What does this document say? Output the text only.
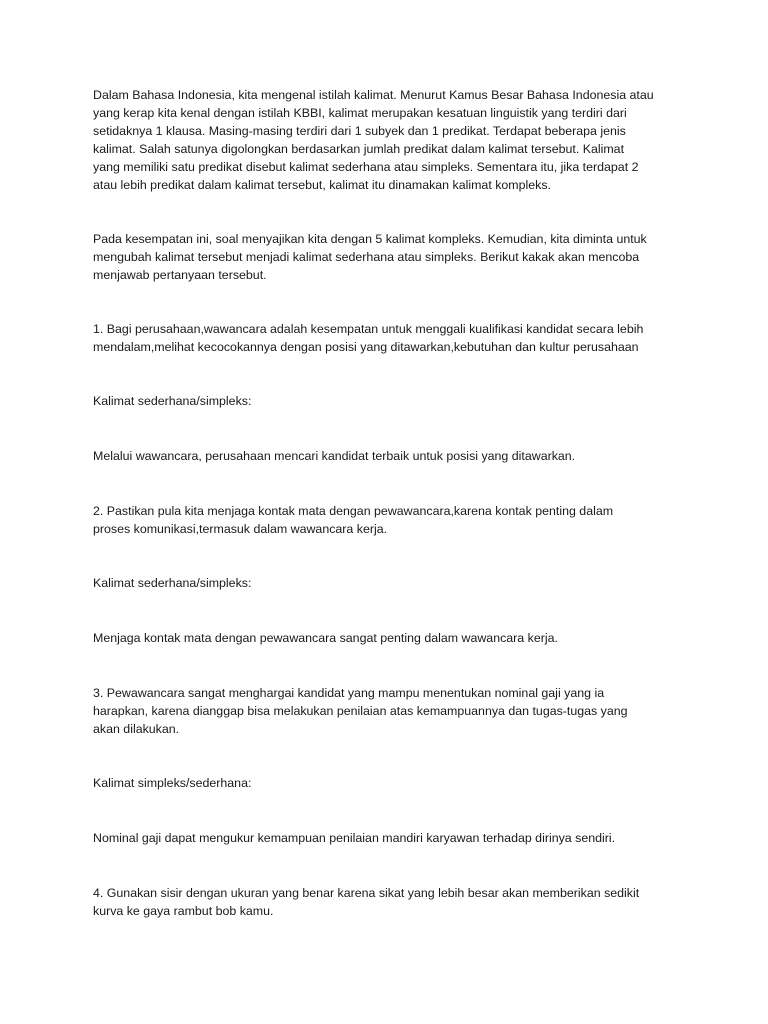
Dalam Bahasa Indonesia, kita mengenal istilah kalimat. Menurut Kamus Besar Bahasa Indonesia atau
yang kerap kita kenal dengan istilah KBBI, kalimat merupakan kesatuan linguistik yang terdiri dari
setidaknya 1 klausa. Masing-masing terdiri dari 1 subyek dan 1 predikat. Terdapat beberapa jenis
kalimat. Salah satunya digolongkan berdasarkan jumlah predikat dalam kalimat tersebut. Kalimat
yang memiliki satu predikat disebut kalimat sederhana atau simpleks. Sementara itu, jika terdapat 2
atau lebih predikat dalam kalimat tersebut, kalimat itu dinamakan kalimat kompleks.

Pada kesempatan ini, soal menyajikan kita dengan 5 kalimat kompleks. Kemudian, kita diminta untuk
mengubah kalimat tersebut menjadi kalimat sederhana atau simpleks. Berikut kakak akan mencoba
menjawab pertanyaan tersebut.

1. Bagi perusahaan,wawancara adalah kesempatan untuk menggali kualifikasi kandidat secara lebih
mendalam,melihat kecocokannya dengan posisi yang ditawarkan,kebutuhan dan kultur perusahaan

Kalimat sederhana/simpleks:

Melalui wawancara, perusahaan mencari kandidat terbaik untuk posisi yang ditawarkan.

2. Pastikan pula kita menjaga kontak mata dengan pewawancara,karena kontak penting dalam
proses komunikasi,termasuk dalam wawancara kerja.

Kalimat sederhana/simpleks:

Menjaga kontak mata dengan pewawancara sangat penting dalam wawancara kerja.

3. Pewawancara sangat menghargai kandidat yang mampu menentukan nominal gaji yang ia
harapkan, karena dianggap bisa melakukan penilaian atas kemampuannya dan tugas-tugas yang
akan dilakukan.

Kalimat simpleks/sederhana:

Nominal gaji dapat mengukur kemampuan penilaian mandiri karyawan terhadap dirinya sendiri.

4. Gunakan sisir dengan ukuran yang benar karena sikat yang lebih besar akan memberikan sedikit
kurva ke gaya rambut bob kamu.
